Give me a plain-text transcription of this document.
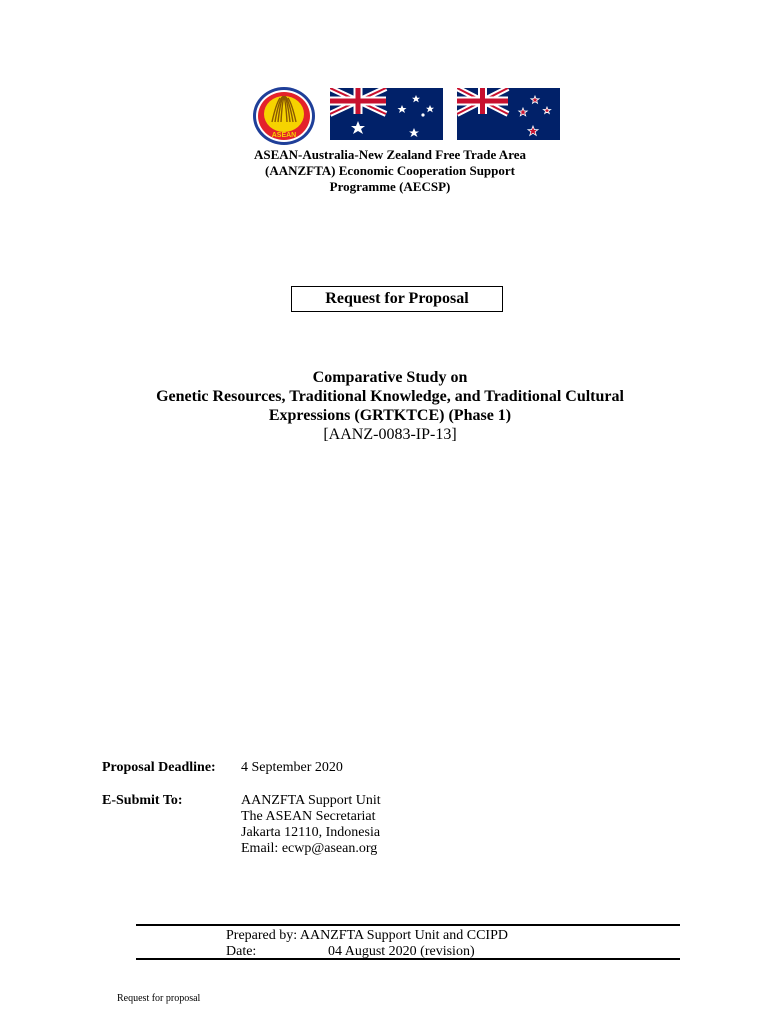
ASEAN
ASEAN-Australia-New Zealand Free Trade Area
(AANZFTA) Economic Cooperation Support
Programme (AECSP)
Request for Proposal
Comparative Study on
Genetic Resources, Traditional Knowledge, and Traditional Cultural
Expressions (GRTKTCE) (Phase 1)
[AANZ-0083-IP-13]
Proposal Deadline: 4 September 2020
E-Submit To:	AANZFTA Support Unit
The ASEAN Secretariat
Jakarta 12110, Indonesia
Email: ecwp@asean.org
Prepared by: AANZFTA Support Unit and CCIPD
Date:	04 August 2020 (revision)
Request for proposal
